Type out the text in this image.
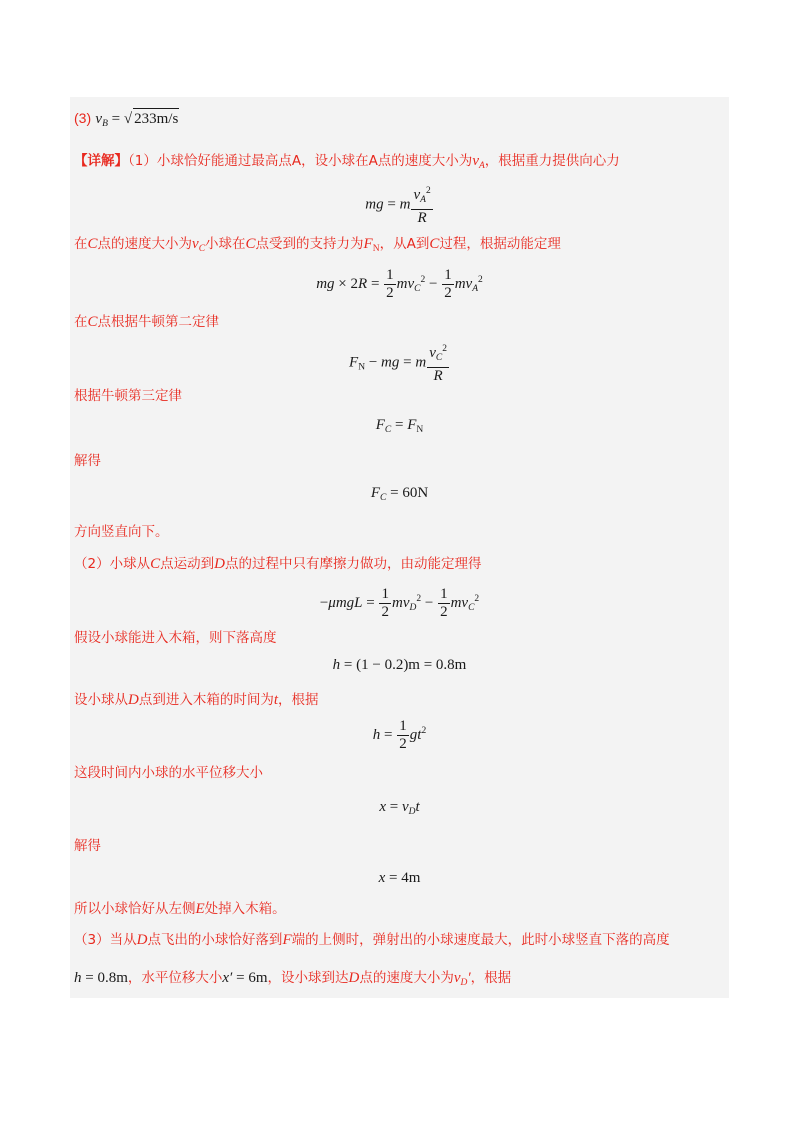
(3) $v_B$ = √ 233m/s
【详解】（1）小球恰好能通过最高点A，设小球在A点的速度大小为$v_A$，根据重力提供向心力
mg = m $\frac{v_A^2}{R}$
在C点的速度大小为$v_C$小球在C点受到的支持力为$F_N$，从A到C过程，根据动能定理
mg × $2R = \frac{1}{2} mv_C^2 - \frac{1}{2} mv_A^2$
在C点根据牛顿第二定律
$F_N$ − mg = m $\frac{v_C^2}{R}$
根据牛顿第三定律
$F_C = F_N$
解得
$F_C = 60N$
方向竖直向下。
（2）小球从C点运动到D点的过程中只有摩擦力做功，由动能定理得
$-\mu mgL = \frac{1}{2} mv_D^2 - \frac{1}{2} mv_C^2$
假设小球能进入木箱，则下落高度
h = (1 − 0.2)m = 0.8m
设小球从D点到进入木箱的时间为t，根据
$h = \frac{1}{2} gt^2$
这段时间内小球的水平位移大小
$x = v_Dt$
解得
x = 4m
所以小球恰好从左侧E处掉入木箱。
（3）当从D点飞出的小球恰好落到F端的上侧时，弹射出的小球速度最大，此时小球竖直下落的高度
h = 0.8m，水平位移大小x′ = 6m，设小球到达D点的速度大小为$v_D'$，根据
